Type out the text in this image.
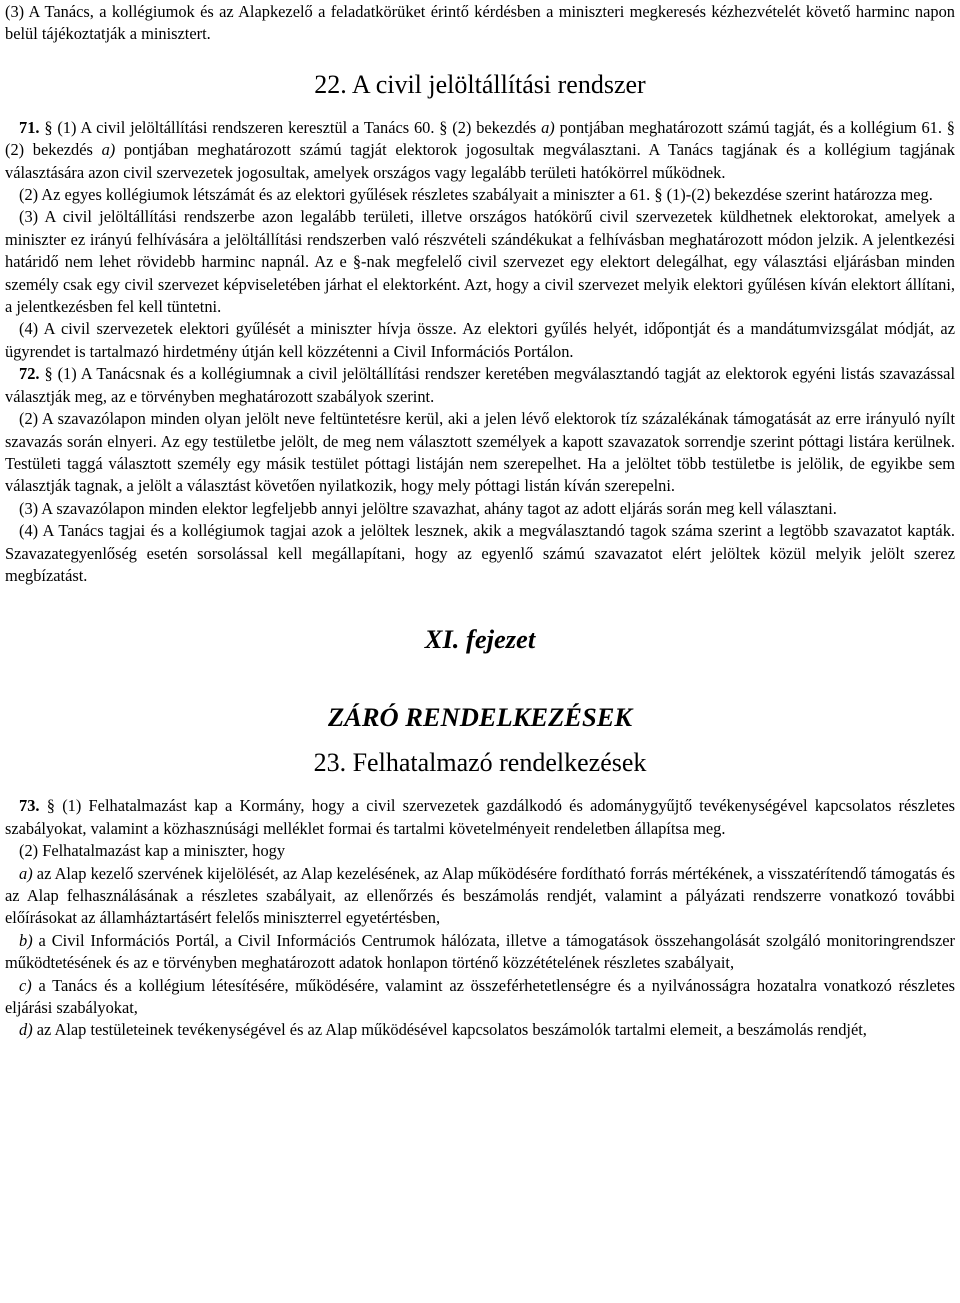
(3) A Tanács, a kollégiumok és az Alapkezelő a feladatkörüket érintő kérdésben a miniszteri megkeresés kézhezvételét követő harminc napon belül tájékoztatják a minisztert.

22. A civil jelöltállítási rendszer

71. § (1) A civil jelöltállítási rendszeren keresztül a Tanács 60. § (2) bekezdés a) pontjában meghatározott számú tagját, és a kollégium 61. § (2) bekezdés a) pontjában meghatározott számú tagját elektorok jogosultak megválasztani. A Tanács tagjának és a kollégium tagjának választására azon civil szervezetek jogosultak, amelyek országos vagy legalább területi hatókörrel működnek.

(2) Az egyes kollégiumok létszámát és az elektori gyűlések részletes szabályait a miniszter a 61. § (1)-(2) bekezdése szerint határozza meg.

(3) A civil jelöltállítási rendszerbe azon legalább területi, illetve országos hatókörű civil szervezetek küldhetnek elektorokat, amelyek a miniszter ez irányú felhívására a jelöltállítási rendszerben való részvételi szándékukat a felhívásban meghatározott módon jelzik. A jelentkezési határidő nem lehet rövidebb harminc napnál. Az e §-nak megfelelő civil szervezet egy elektort delegálhat, egy választási eljárásban minden személy csak egy civil szervezet képviseletében járhat el elektorként. Azt, hogy a civil szervezet melyik elektori gyűlésen kíván elektort állítani, a jelentkezésben fel kell tüntetni.

(4) A civil szervezetek elektori gyűlését a miniszter hívja össze. Az elektori gyűlés helyét, időpontját és a mandátumvizsgálat módját, az ügyrendet is tartalmazó hirdetmény útján kell közzétenni a Civil Információs Portálon.

72. § (1) A Tanácsnak és a kollégiumnak a civil jelöltállítási rendszer keretében megválasztandó tagját az elektorok egyéni listás szavazással választják meg, az e törvényben meghatározott szabályok szerint.

(2) A szavazólapon minden olyan jelölt neve feltüntetésre kerül, aki a jelen lévő elektorok tíz százalékának támogatását az erre irányuló nyílt szavazás során elnyeri. Az egy testületbe jelölt, de meg nem választott személyek a kapott szavazatok sorrendje szerint póttagi listára kerülnek. Testületi taggá választott személy egy másik testület póttagi listáján nem szerepelhet. Ha a jelöltet több testületbe is jelölik, de egyikbe sem választják tagnak, a jelölt a választást követően nyilatkozik, hogy mely póttagi listán kíván szerepelni.

(3) A szavazólapon minden elektor legfeljebb annyi jelöltre szavazhat, ahány tagot az adott eljárás során meg kell választani.

(4) A Tanács tagjai és a kollégiumok tagjai azok a jelöltek lesznek, akik a megválasztandó tagok száma szerint a legtöbb szavazatot kapták. Szavazategyenlőség esetén sorsolással kell megállapítani, hogy az egyenlő számú szavazatot elért jelöltek közül melyik jelölt szerez megbízatást.

XI. fejezet
ZÁRÓ RENDELKEZÉSEK
23. Felhatalmazó rendelkezések

73. § (1) Felhatalmazást kap a Kormány, hogy a civil szervezetek gazdálkodó és adománygyűjtő tevékenységével kapcsolatos részletes szabályokat, valamint a közhasznúsági melléklet formai és tartalmi követelményeit rendeletben állapítsa meg.

(2) Felhatalmazást kap a miniszter, hogy

a) az Alap kezelő szervének kijelölését, az Alap kezelésének, az Alap működésére fordítható forrás mértékének, a visszatérítendő támogatás és az Alap felhasználásának a részletes szabályait, az ellenőrzés és beszámolás rendjét, valamint a pályázati rendszerre vonatkozó további előírásokat az államháztartásért felelős miniszterrel egyetértésben,

b) a Civil Információs Portál, a Civil Információs Centrumok hálózata, illetve a támogatások összehangolását szolgáló monitoringrendszer működtetésének és az e törvényben meghatározott adatok honlapon történő közzétételének részletes szabályait,

c) a Tanács és a kollégium létesítésére, működésére, valamint az összeférhetetlenségre és a nyilvánosságra hozatalra vonatkozó részletes eljárási szabályokat,

d) az Alap testületeinek tevékenységével és az Alap működésével kapcsolatos beszámolók tartalmi elemeit, a beszámolás rendjét,
